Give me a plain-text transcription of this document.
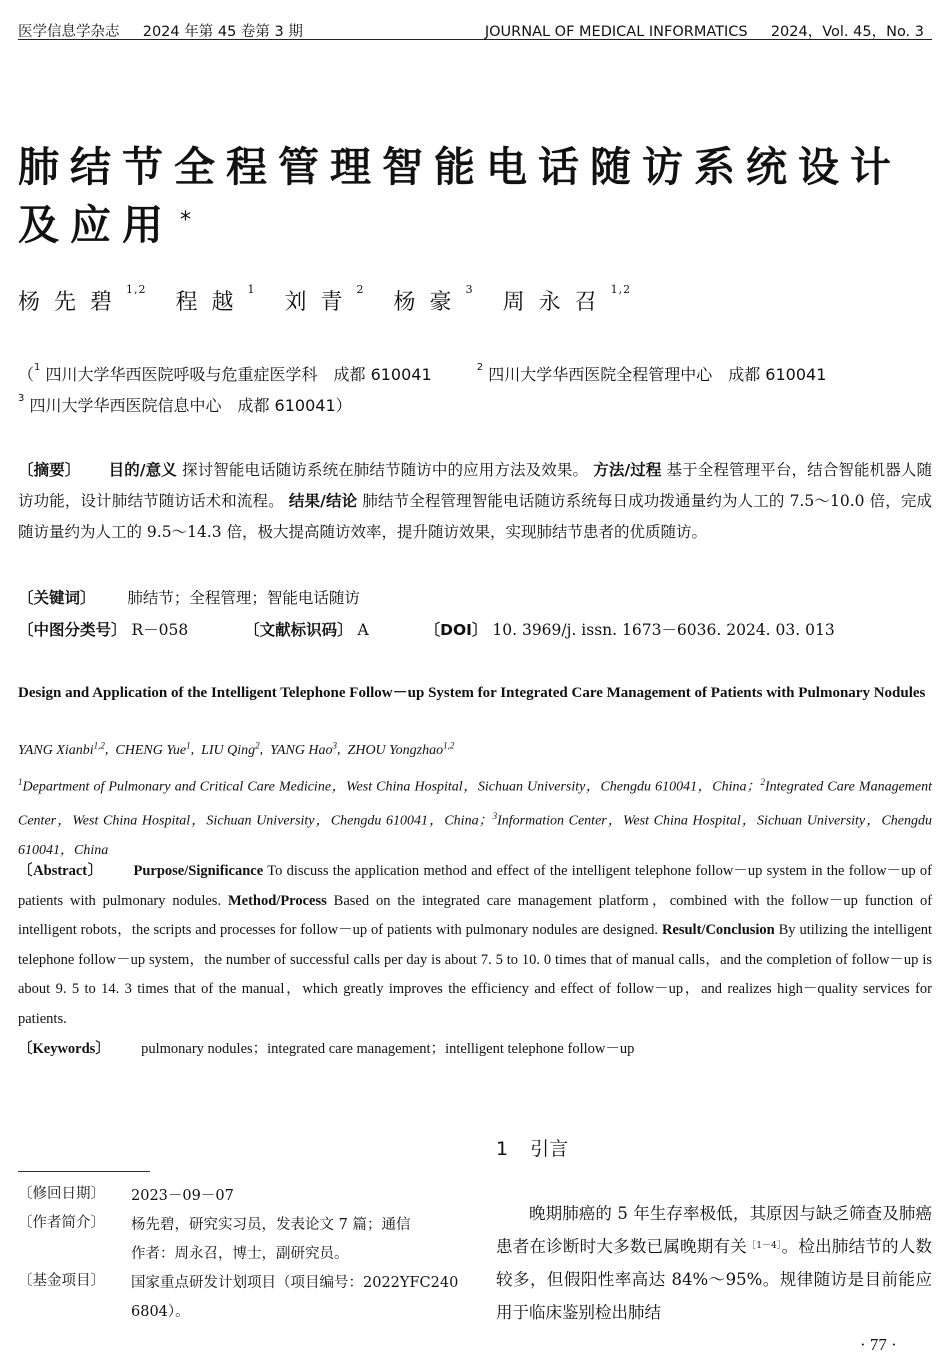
医学信息学杂志 2024 年第 45 卷第 3 期	JOURNAL OF MEDICAL INFORMATICS 2024，Vol. 45，No. 3
肺结节全程管理智能电话随访系统设计
及应用 *
杨先碧$^{1,2}$ 程越$^1$ 刘青$^2$ 杨豪$^3$ 周永召$^{1,2}$
（$^1$ 四川大学华西医院呼吸与危重症医学科　成都 610041	$^2$ 四川大学华西医院全程管理中心　成都 610041
$^3$ 四川大学华西医院信息中心　成都 610041）
〔摘要〕 目的/意义 探讨智能电话随访系统在肺结节随访中的应用方法及效果。 方法/过程 基于全程管理平台，结合智能机器人随访功能，设计肺结节随访话术和流程。 结果/结论 肺结节全程管理智能电话随访系统每日成功拨通量约为人工的 7.5～10.0 倍，完成随访量约为人工的 9.5～14.3 倍，极大提高随访效率，提升随访效果，实现肺结节患者的优质随访。
〔关键词〕 肺结节；全程管理；智能电话随访
〔中图分类号〕 R－058	〔文献标识码〕 A	〔DOI〕 10. 3969/j. issn. 1673－6036. 2024. 03. 013
Design and Application of the Intelligent Telephone Follow－up System for Integrated Care Management of Patients with Pulmonary Nodules
YANG Xianbi$^{1,2}$,  CHENG Yue$^1$,  LIU Qing$^2$,  YANG Hao$^3$,  ZHOU Yongzhao$^{1,2}$
$^1$Department of Pulmonary and Critical Care Medicine，West China Hospital，Sichuan University，Chengdu 610041，China；$^2$Integrated Care Management Center，West China Hospital，Sichuan University，Chengdu 610041，China；$^3$Information Center，West China Hospital，Sichuan University，Chengdu 610041，China
〔Abstract〕 Purpose/Significance To discuss the application method and effect of the intelligent telephone follow－up system in the follow－up of patients with pulmonary nodules. Method/Process Based on the integrated care management platform，combined with the follow－up function of intelligent robots，the scripts and processes for follow－up of patients with pulmonary nodules are designed. Result/Conclusion By utilizing the intelligent telephone follow－up system，the number of successful calls per day is about 7. 5 to 10. 0 times that of manual calls，and the completion of follow－up is about 9. 5 to 14. 3 times that of the manual，which greatly improves the efficiency and effect of follow－up，and realizes high－quality services for patients.
〔Keywords〕 pulmonary nodules；integrated care management；intelligent telephone follow－up
1 引言
晚期肺癌的 5 年生存率极低，其原因与缺乏筛查及肺癌患者在诊断时大多数已属晚期有关$^{[1-4]}$。检出肺结节的人数较多，但假阳性率高达 84%～95%。规律随访是目前能应用于临床鉴别检出肺结
〔修回日期〕 2023－09－07
〔作者简介〕 杨先碧，研究实习员，发表论文 7 篇；通信
作者：周永召，博士，副研究员。
〔基金项目〕 国家重点研发计划项目（项目编号：2022YFC2406804）。
· 77 ·
